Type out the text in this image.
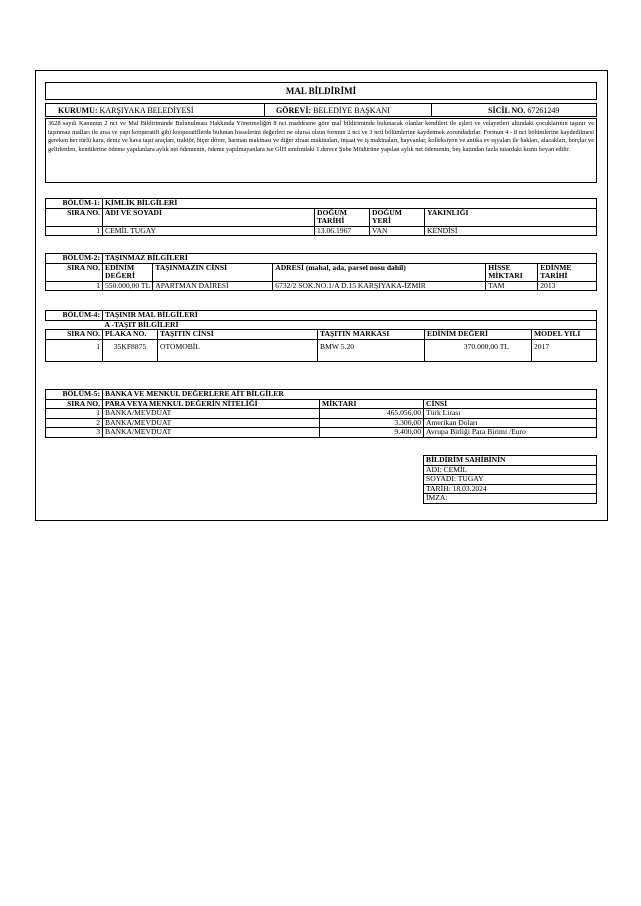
MAL BİLDİRİMİ
KURUMU: KARŞIYAKA BELEDİYESİ	GÖREVİ: BELEDİYE BAŞKANI	SİCİL NO. 67261249
3628 sayılı Kanunun 2 nci ve Mal Bildiriminde Bulunulması Hakkında Yönetmeliğin 8 nci maddesine göre mal bildiriminde bulunacak olanlar kendileri ile eşleri ve velayetleri altındaki çocuklarının taşınır ve taşınmaz malları ile arsa ve yapı kooperatifi gibi kooperatiflerde bulunan hisselerini değerleri ne olursa olsun formun 2 nci ve 3 ncü bölümlerine kaydetmek zorundadırlar. Formun 4 - 8 nci bölümlerine kaydedilmesi gereken her türlü kara, deniz ve hava taşıt araçları, traktör, biçer döver, harman makinası ve diğer ziraat makinaları, inşaat ve iş makinaları, hayvanlar, kolleksiyon ve antika ev eşyaları ile hakları, alacakları, borçlar ve gelirlerden, kendilerine ödeme yapılanlara aylık net ödemenin, ödeme yapılmayanlara ise GİH sınıfındaki 1.derece Şube Müdürüne yapılan aylık net ödemenin, beş katından fazla tutardaki kısmı beyan edilir.
BÖLÜM-1:	KİMLİK BİLGİLERİ			
SIRA NO.	ADI VE SOYADI	DOĞUM TARİHİ	DOĞUM YERİ	YAKINLIĞI
1	CEMİL TUGAY	13.06.1967	VAN	KENDİSİ
BÖLÜM-2:	TAŞINMAZ BİLGİLERİ				
SIRA NO.	EDİNİM DEĞERİ	TAŞINMAZIN CİNSİ	ADRESİ (mahal, ada, parsel nosu dahil)	HİSSE MİKTARI	EDİNME TARİHİ
1	550.000,00 TL	APARTMAN DAİRESİ	6732/2 SOK.NO.1/A D.15 KARŞIYAKA-İZMİR	TAM	2013
BÖLÜM-4:	TAŞINIR MAL BİLGİLERİ				
	A -TAŞIT BİLGİLERİ				
SIRA NO.	PLAKA NO.	TAŞITIN CİNSİ	TAŞITIN MARKASI	EDİNİM DEĞERİ	MODEL YILI
1	35KF8875	OTOMOBİL	BMW 5.20	370.000,00 TL	2017
BÖLÜM-5:	BANKA VE MENKUL DEĞERLERE AİT BİLGİLER		
SIRA NO.	PARA VEYA MENKUL DEĞERİN NİTELİĞİ	MİKTARI	CİNSİ
1	BANKA/MEVDUAT	465.056,00	Türk Lirası
2	BANKA/MEVDUAT	3.300,00	Amerikan Doları
3	BANKA/MEVDUAT	9.400,00	Avrupa Birliği Para Birimi /Euro
BİLDİRİM SAHİBİNİN
ADI: CEMİL
SOYADI: TUGAY
TARİH: 18.03.2024
İMZA:
